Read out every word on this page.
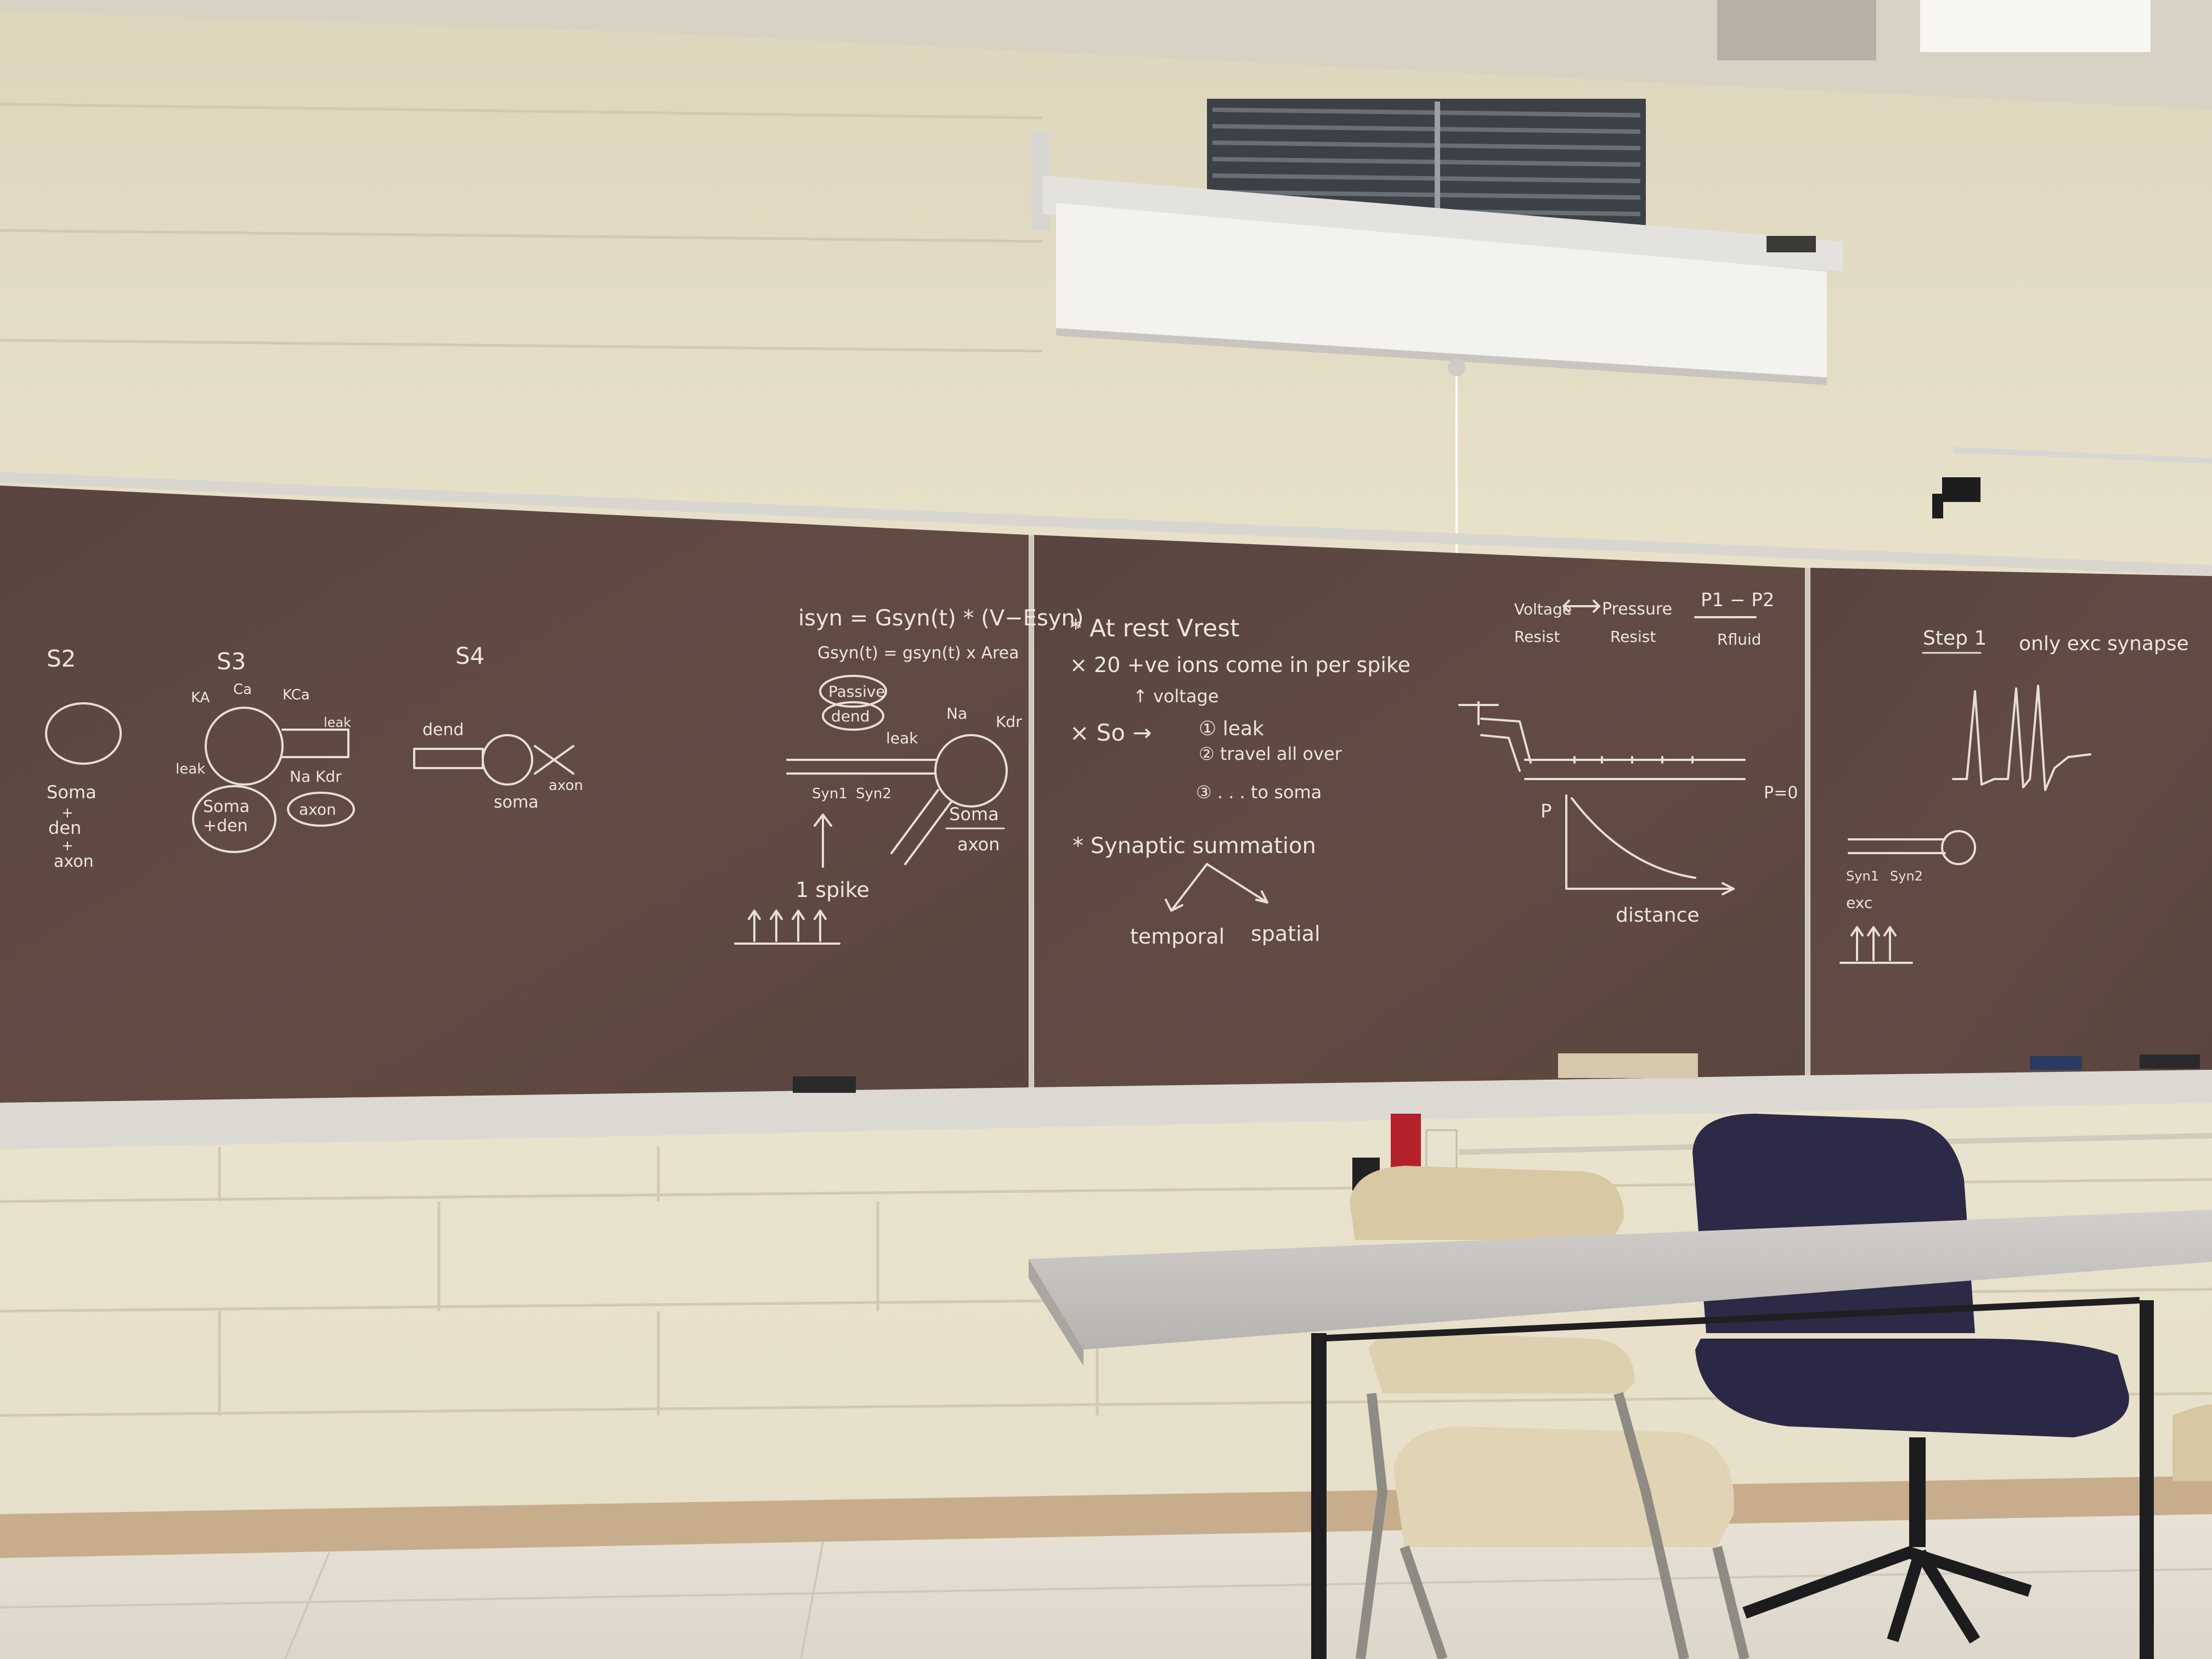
S2	S3	S4
Soma
+
den
+
axon
KA Ca KCa
leak
leak	Na Kdr
Soma
+den
axon
dend
soma
axon
isyn = Gsyn(t) * (V−Esyn)
Gsyn(t) = gsyn(t) x Area
Passive
dend
leak
Na Kdr
Syn1 Syn2
Soma
axon
1 spike
* At rest Vrest
× 20 +ve ions come in per spike
↑ voltage
× So → ① leak
② travel all over
③ . . . to soma
* Synaptic summation
temporal spatial
Voltage
Resist
Pressure
Resist
P1 − P2
Rfluid
P=0
P
distance
Step 1 only exc synapse
Syn1 Syn2
exc
